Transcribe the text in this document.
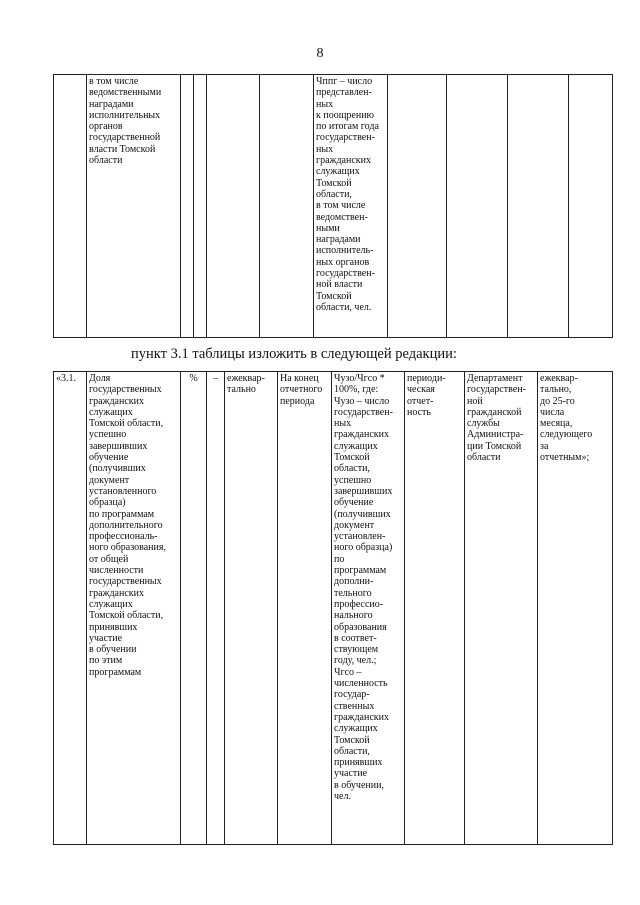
8
	в том числе
ведомственными
наградами
исполнительных
органов
государственной
власти Томской
области					Чппг – число
представлен-
ных
к поощрению
по итогам года
государствен-
ных
гражданских
служащих
Томской
области,
в том числе
ведомствен-
ными
наградами
исполнитель-
ных органов
государствен-
ной власти
Томской
области, чел.				
пункт 3.1 таблицы изложить в следующей редакции:
«3.1.	Доля
государственных
гражданских
служащих
Томской области,
успешно
завершивших
обучение
(получивших
документ
установленного
образца)
по программам
дополнительного
профессиональ-
ного образования,
от общей
численности
государственных
гражданских
служащих
Томской области,
принявших
участие
в обучении
по этим
программам	%	–	ежеквар-
тально	На конец
отчетного
периода	Чузо/Чгсо *
100%, где:
Чузо – число
государствен-
ных
гражданских
служащих
Томской
области,
успешно
завершивших
обучение
(получивших
документ
установлен-
ного образца)
по
программам
дополни-
тельного
профессио-
нального
образования
в соответ-
ствующем
году, чел.;
Чгсо –
численность
государ-
ственных
гражданских
служащих
Томской
области,
принявших
участие
в обучении,
чел.	периоди-
ческая
отчет-
ность	Департамент
государствен-
ной
гражданской
службы
Администра-
ции Томской
области	ежеквар-
тально,
до 25-го
числа
месяца,
следующего
за
отчетным»;
